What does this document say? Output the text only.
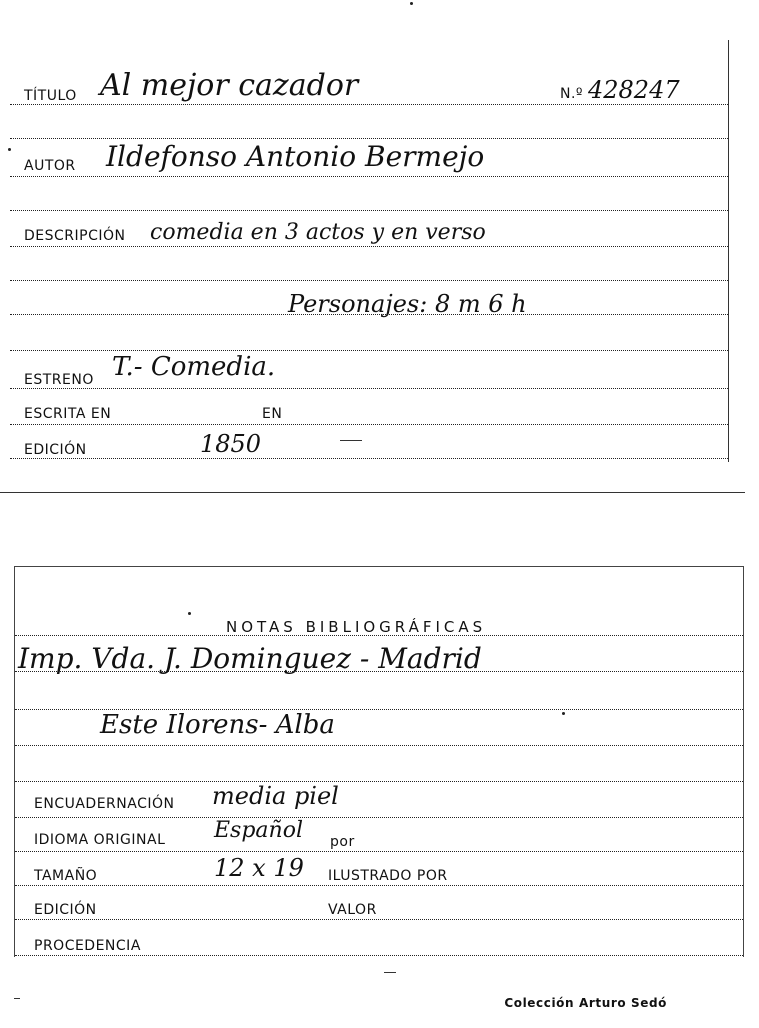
TÍTULO Al mejor cazador	N.º 428247
AUTOR Ildefonso Antonio Bermejo
DESCRIPCIÓN comedia en 3 actos y en verso
Personajes: 8 m 6 h
ESTRENO T.- Comedia.
ESCRITA EN	EN
EDICIÓN	1850
NOTAS BIBLIOGRÁFICAS
Imp. Vda. J. Dominguez - Madrid
Este Ilorens- Alba
ENCUADERNACIÓN media piel
IDIOMA ORIGINAL Español por
TAMAÑO	12 x 19 ILUSTRADO POR
EDICIÓN	VALOR
PROCEDENCIA
Colección Arturo Sedó
